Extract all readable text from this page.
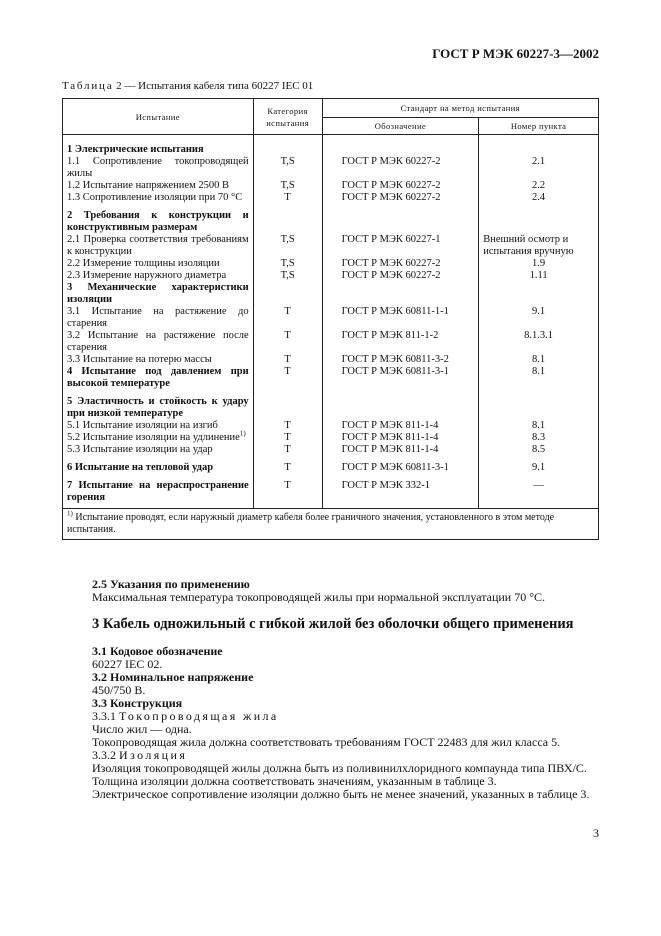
ГОСТ Р МЭК 60227-3—2002
Таблица 2 — Испытания кабеля типа 60227 IEC 01
Испытание	Категория испытания	Стандарт на метод испытания	
		Обозначение	Номер пункта
1 Электрические испытания			
1.1 Сопротивление токопроводящей жилы	T,S	ГОСТ Р МЭК 60227-2	2.1
1.2 Испытание напряжением 2500 В	T,S	ГОСТ Р МЭК 60227-2	2.2
1.3 Сопротивление изоляции при 70 °С	T	ГОСТ Р МЭК 60227-2	2.4

2 Требования к конструкции и конструктивным размерам			
2.1 Проверка соответствия требованиям к конструкции	T,S	ГОСТ Р МЭК 60227-1	Внешний осмотр и испытания вручную
2.2 Измерение толщины изоляции	T,S	ГОСТ Р МЭК 60227-2	1.9
2.3 Измерение наружного диаметра	T,S	ГОСТ Р МЭК 60227-2	1.11
3 Механические характеристики изоляции			
3.1 Испытание на растяжение до старения	T	ГОСТ Р МЭК 60811-1-1	9.1
3.2 Испытание на растяжение после старения	T	ГОСТ Р МЭК 811-1-2	8.1.3.1
3.3 Испытание на потерю массы	T	ГОСТ Р МЭК 60811-3-2	8.1
4 Испытание под давлением при высокой температуре	T	ГОСТ Р МЭК 60811-3-1	8.1

5 Эластичность и стойкость к удару при низкой температуре			
5.1 Испытание изоляции на изгиб	T	ГОСТ Р МЭК 811-1-4	8.1
5.2 Испытание изоляции на удлинение$^{1)}$	T	ГОСТ Р МЭК 811-1-4	8.3
5.3 Испытание изоляции на удар	T	ГОСТ Р МЭК 811-1-4	8.5

6 Испытание на тепловой удар	T	ГОСТ Р МЭК 60811-3-1	9.1

7 Испытание на нераспространение горения	T	ГОСТ Р МЭК 332-1	—
$^{1)}$ Испытание проводят, если наружный диаметр кабеля более граничного значения, установленного в этом методе испытания.			
2.5 Указания по применению

Максимальная температура токопроводящей жилы при нормальной эксплуатации 70 °С.

3 Кабель одножильный с гибкой жилой без оболочки общего применения
3.1 Кодовое обозначение

60227 IEC 02.

3.2 Номинальное напряжение

450/750 В.

3.3 Конструкция

3.3.1 Токопроводящая жила

Число жил — одна.

Токопроводящая жила должна соответствовать требованиям ГОСТ 22483 для жил класса 5.

3.3.2 Изоляция

Изоляция токопроводящей жилы должна быть из поливинилхлоридного компаунда типа ПВХ/С.

Толщина изоляции должна соответствовать значениям, указанным в таблице 3.

Электрическое сопротивление изоляции должно быть не менее значений, указанных в таблице 3.

3
